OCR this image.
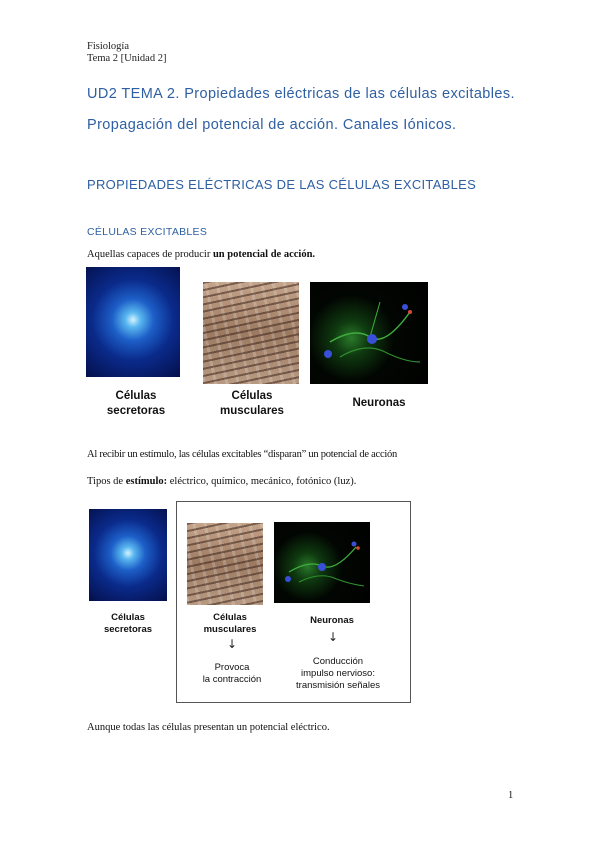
Fisiología
Tema 2 [Unidad 2]
UD2 TEMA 2. Propiedades eléctricas de las células excitables.
Propagación del potencial de acción. Canales Iónicos.
PROPIEDADES ELÉCTRICAS DE LAS CÉLULAS EXCITABLES
CÉLULAS EXCITABLES
Aquellas capaces de producir un potencial de acción.
Células
secretoras
Células
musculares
Neuronas
Al recibir un estímulo, las células excitables “disparan” un potencial de acción
Tipos de estímulo: eléctrico, químico, mecánico, fotónico (luz).
Células
secretoras
Células
musculares
Neuronas
↓	↓
Provoca
la contracción
Conducción
impulso nervioso:
transmisión señales
Aunque todas las células presentan un potencial eléctrico.
1
